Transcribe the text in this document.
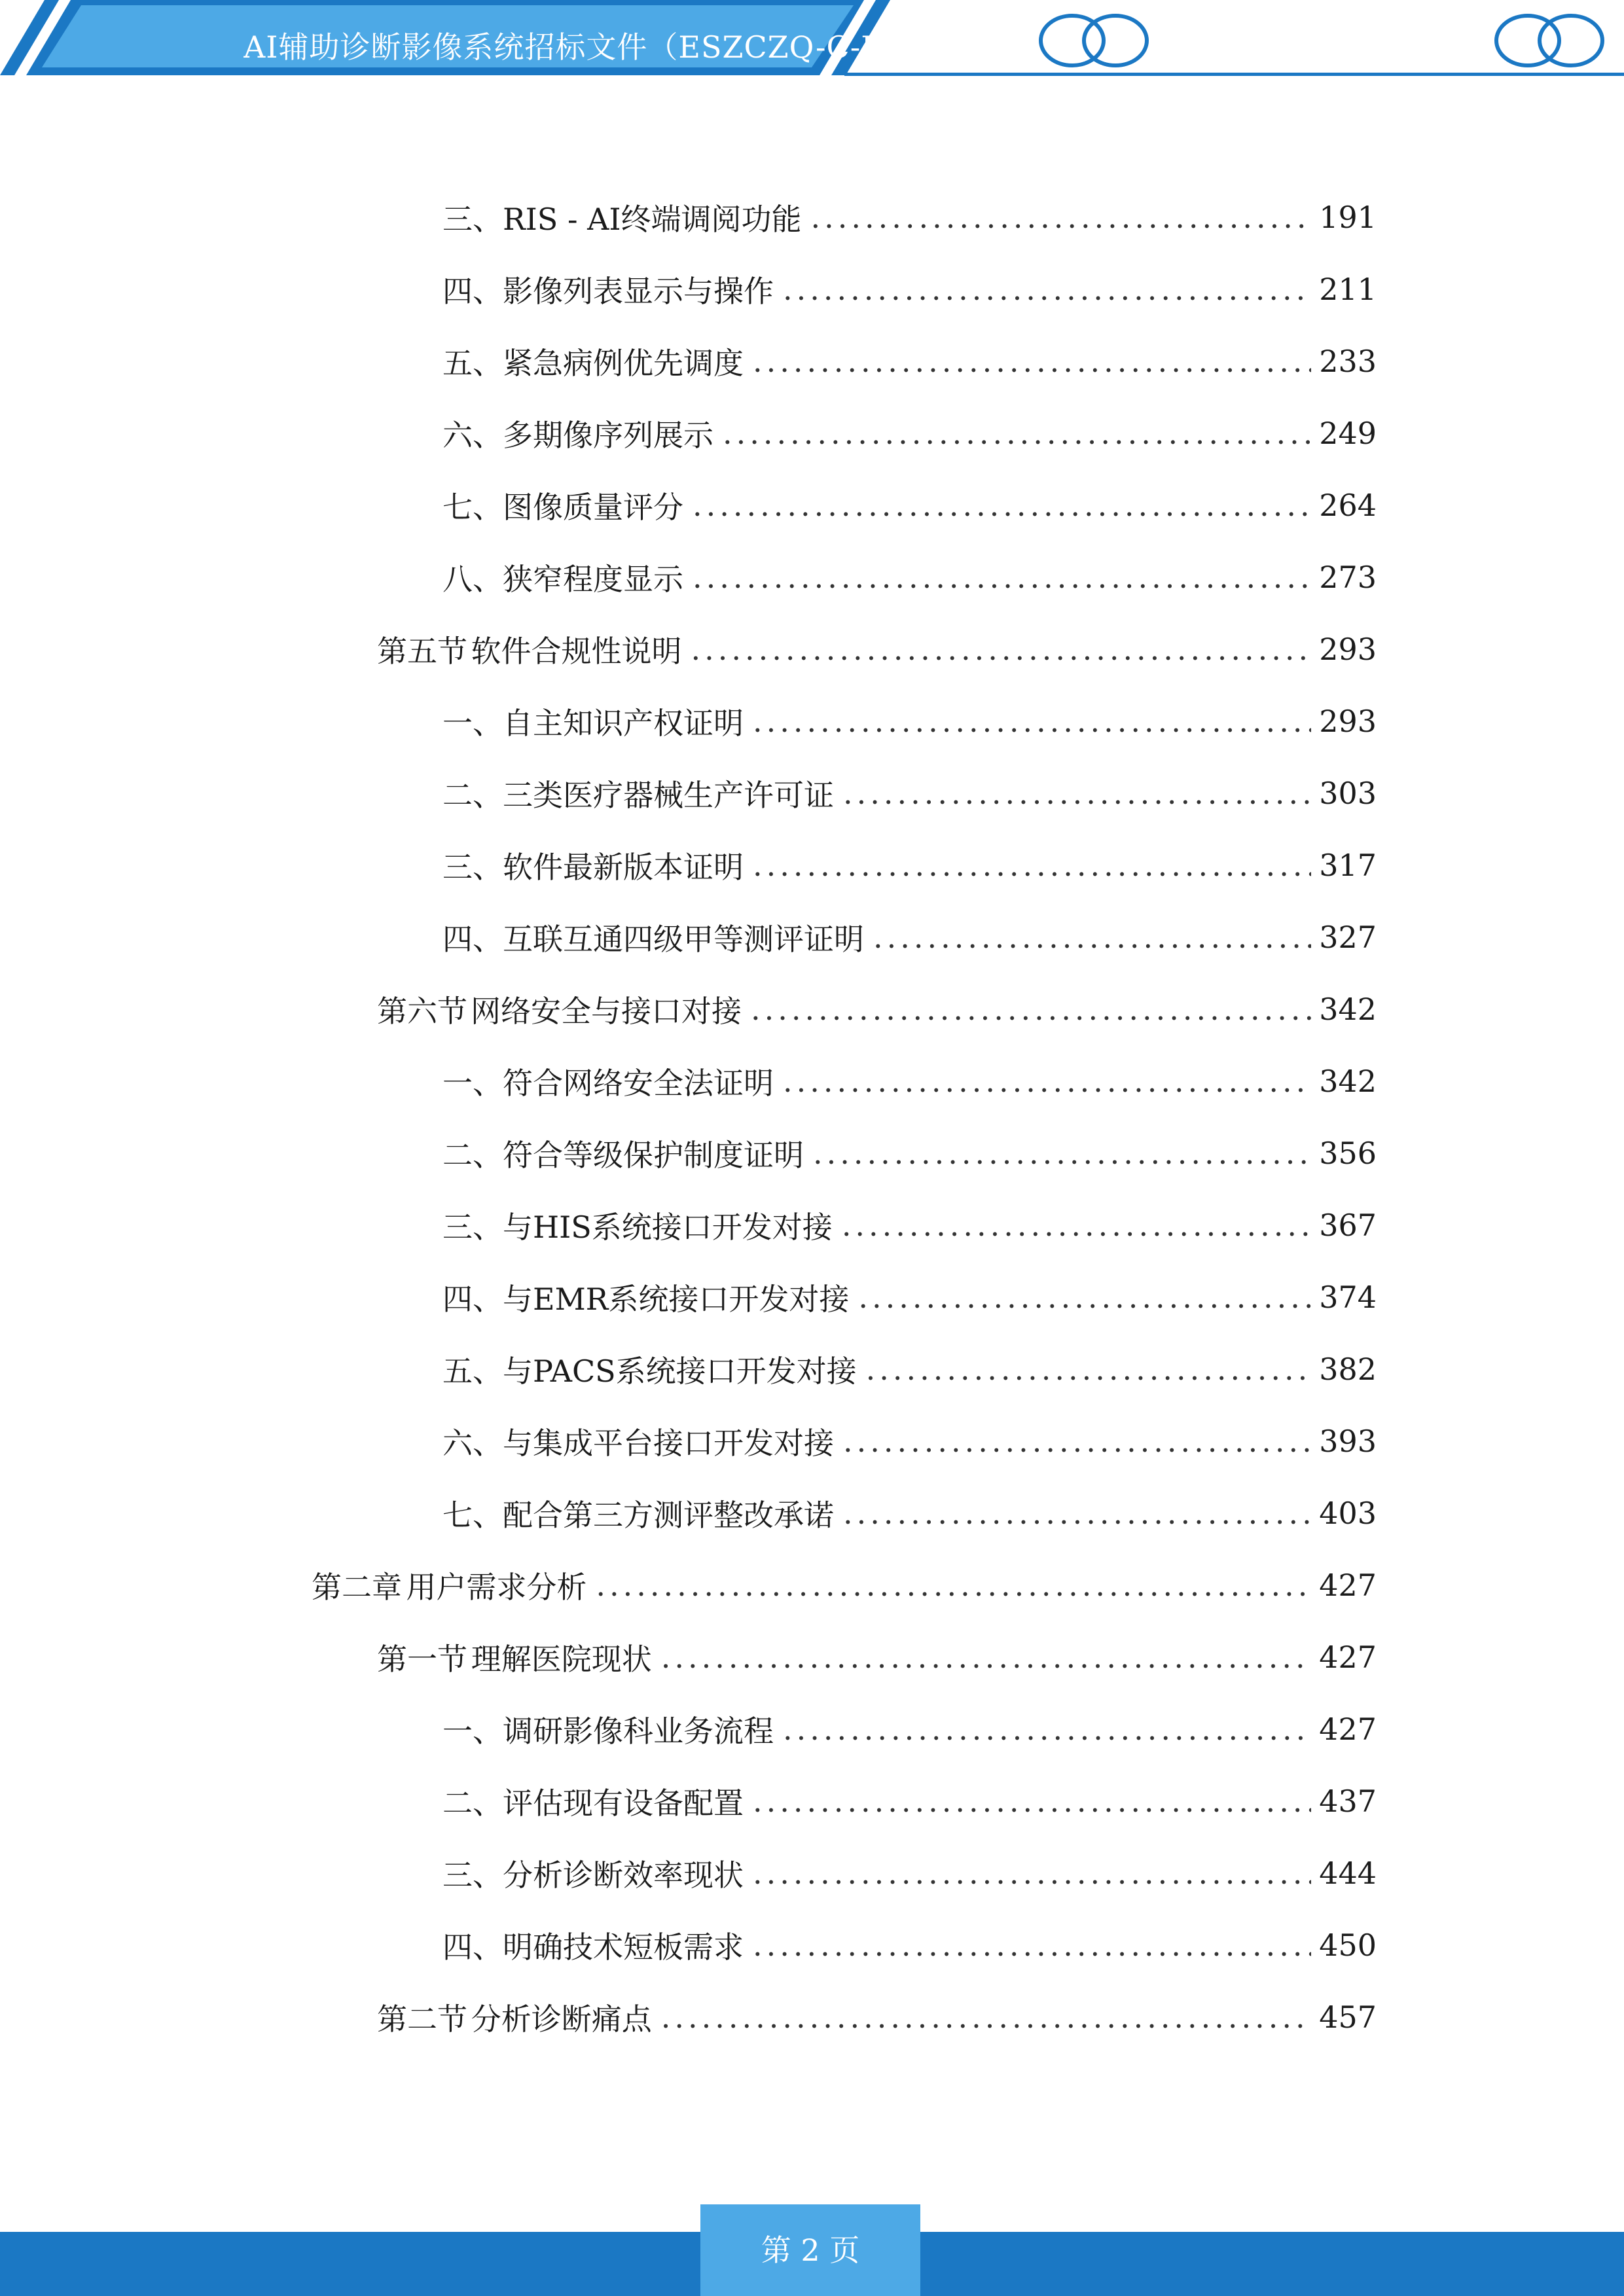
AI辅助诊断影像系统招标文件（ESZCZQ-C-F-
三、 RIS - AI终端调阅功能 .....	191
四、 影像列表显示与操作 .....	211
五、 紧急病例优先调度 .....	233
六、 多期像序列展示 .....	249
七、 图像质量评分 .....	264
八、 狭窄程度显示 .....	273
第五节 软件合规性说明 .....	293
一、 自主知识产权证明 .....	293
二、 三类医疗器械生产许可证 .....	303
三、 软件最新版本证明 .....	317
四、 互联互通四级甲等测评证明 .....	327
第六节 网络安全与接口对接 .....	342
一、 符合网络安全法证明 .....	342
二、 符合等级保护制度证明 .....	356
三、 与HIS系统接口开发对接 .....	367
四、 与EMR系统接口开发对接 .....	374
五、 与PACS系统接口开发对接 .....	382
六、 与集成平台接口开发对接 .....	393
七、 配合第三方测评整改承诺 .....	403
第二章 用户需求分析 .....	427
第一节 理解医院现状 .....	427
一、 调研影像科业务流程 .....	427
二、 评估现有设备配置 .....	437
三、 分析诊断效率现状 .....	444
四、 明确技术短板需求 .....	450
第二节 分析诊断痛点 .....	457
第 2 页
